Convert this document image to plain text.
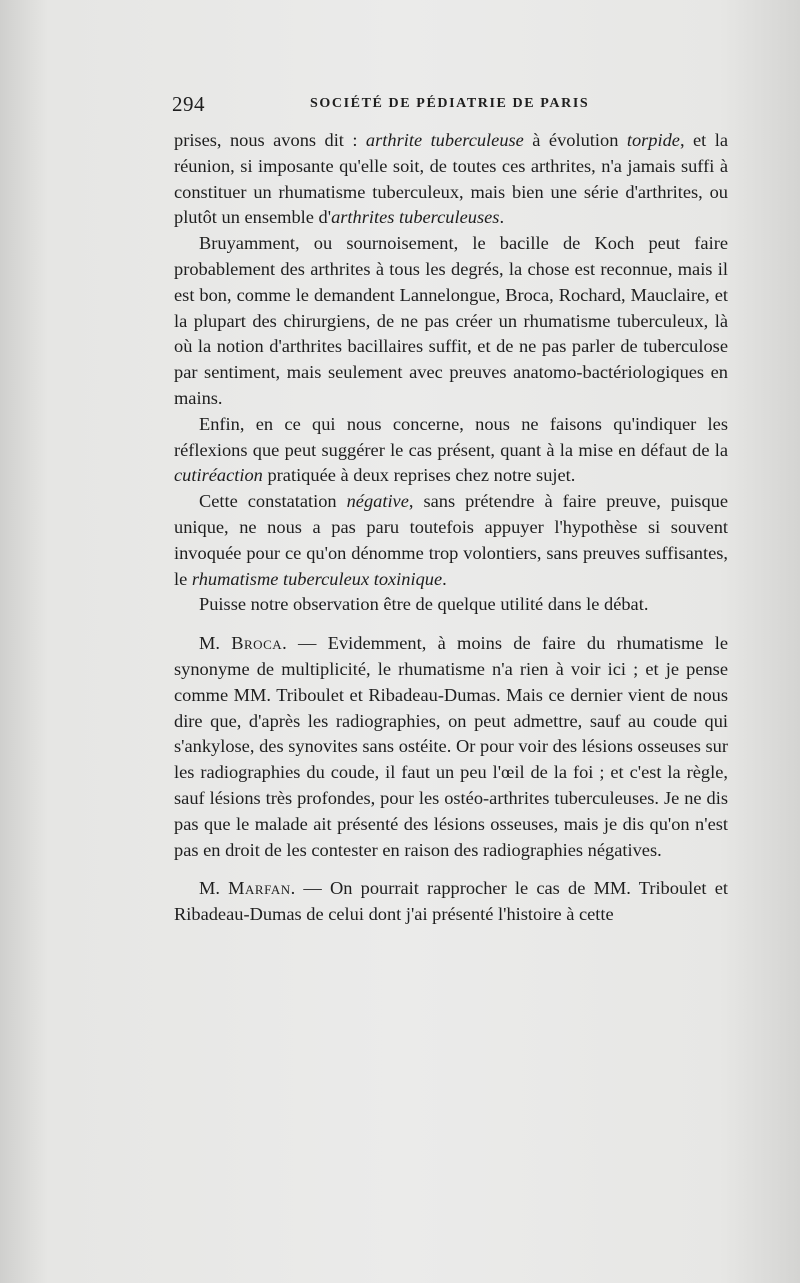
294	SOCIÉTÉ DE PÉDIATRIE DE PARIS

prises, nous avons dit : arthrite tuberculeuse à évolution torpide, et la réunion, si imposante qu'elle soit, de toutes ces arthrites, n'a jamais suffi à constituer un rhumatisme tuberculeux, mais bien une série d'arthrites, ou plutôt un ensemble d'arthrites tuberculeuses.

Bruyamment, ou sournoisement, le bacille de Koch peut faire probablement des arthrites à tous les degrés, la chose est reconnue, mais il est bon, comme le demandent Lannelongue, Broca, Rochard, Mauclaire, et la plupart des chirurgiens, de ne pas créer un rhumatisme tuberculeux, là où la notion d'arthrites bacillaires suffit, et de ne pas parler de tuberculose par sentiment, mais seulement avec preuves anatomo-bactériologiques en mains.

Enfin, en ce qui nous concerne, nous ne faisons qu'indiquer les réflexions que peut suggérer le cas présent, quant à la mise en défaut de la cutiréaction pratiquée à deux reprises chez notre sujet.

Cette constatation négative, sans prétendre à faire preuve, puisque unique, ne nous a pas paru toutefois appuyer l'hypothèse si souvent invoquée pour ce qu'on dénomme trop volontiers, sans preuves suffisantes, le rhumatisme tuberculeux toxinique.

Puisse notre observation être de quelque utilité dans le débat.

M. Broca. — Evidemment, à moins de faire du rhumatisme le synonyme de multiplicité, le rhumatisme n'a rien à voir ici ; et je pense comme MM. Triboulet et Ribadeau-Dumas. Mais ce dernier vient de nous dire que, d'après les radiographies, on peut admettre, sauf au coude qui s'ankylose, des synovites sans ostéite. Or pour voir des lésions osseuses sur les radiographies du coude, il faut un peu l'œil de la foi ; et c'est la règle, sauf lésions très profondes, pour les ostéo-arthrites tuberculeuses. Je ne dis pas que le malade ait présenté des lésions osseuses, mais je dis qu'on n'est pas en droit de les contester en raison des radiographies négatives.

M. Marfan. — On pourrait rapprocher le cas de MM. Triboulet et Ribadeau-Dumas de celui dont j'ai présenté l'histoire à cette
